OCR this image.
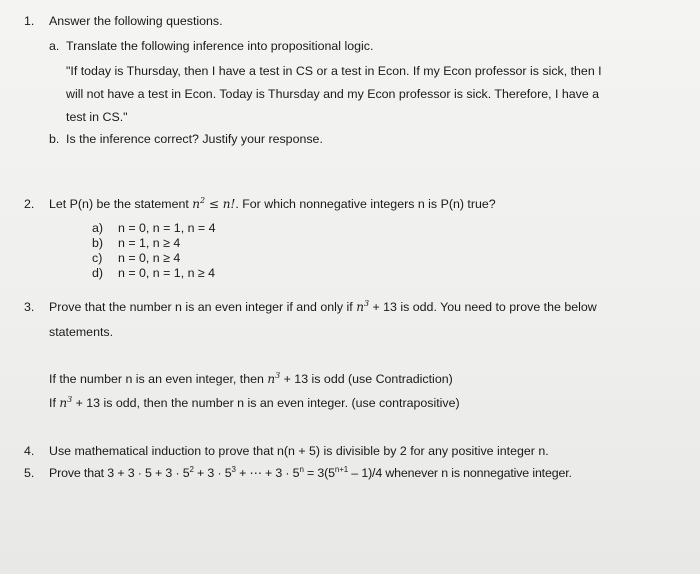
1. Answer the following questions.
a. Translate the following inference into propositional logic.
"If today is Thursday, then I have a test in CS or a test in Econ. If my Econ professor is sick, then I
will not have a test in Econ. Today is Thursday and my Econ professor is sick. Therefore, I have a
test in CS."
b. Is the inference correct? Justify your response.
2. Let P(n) be the statement $n^2 \le n$!. For which nonnegative integers n is P(n) true?
a) n = 0, n = 1, n = 4
b) n = 1, n ≥ 4
c) n = 0, n ≥ 4
d) n = 0, n = 1, n ≥ 4
3. Prove that the number n is an even integer if and only if $n^3 + 13$ is odd. You need to prove the below
statements.
If the number n is an even integer, then $n^3 + 13$ is odd (use Contradiction)
If $n^3 + 13$ is odd, then the number n is an even integer. (use contrapositive)
4. Use mathematical induction to prove that n(n + 5) is divisible by 2 for any positive integer n.
5. Prove that $3 + 3 \cdot 5 + 3 \cdot 5^2 + 3 \cdot 5^3$ + ⋯ + $3 \cdot 5^n = 3(5^{n+1} - 1)/4$ whenever n is nonnegative integer.
